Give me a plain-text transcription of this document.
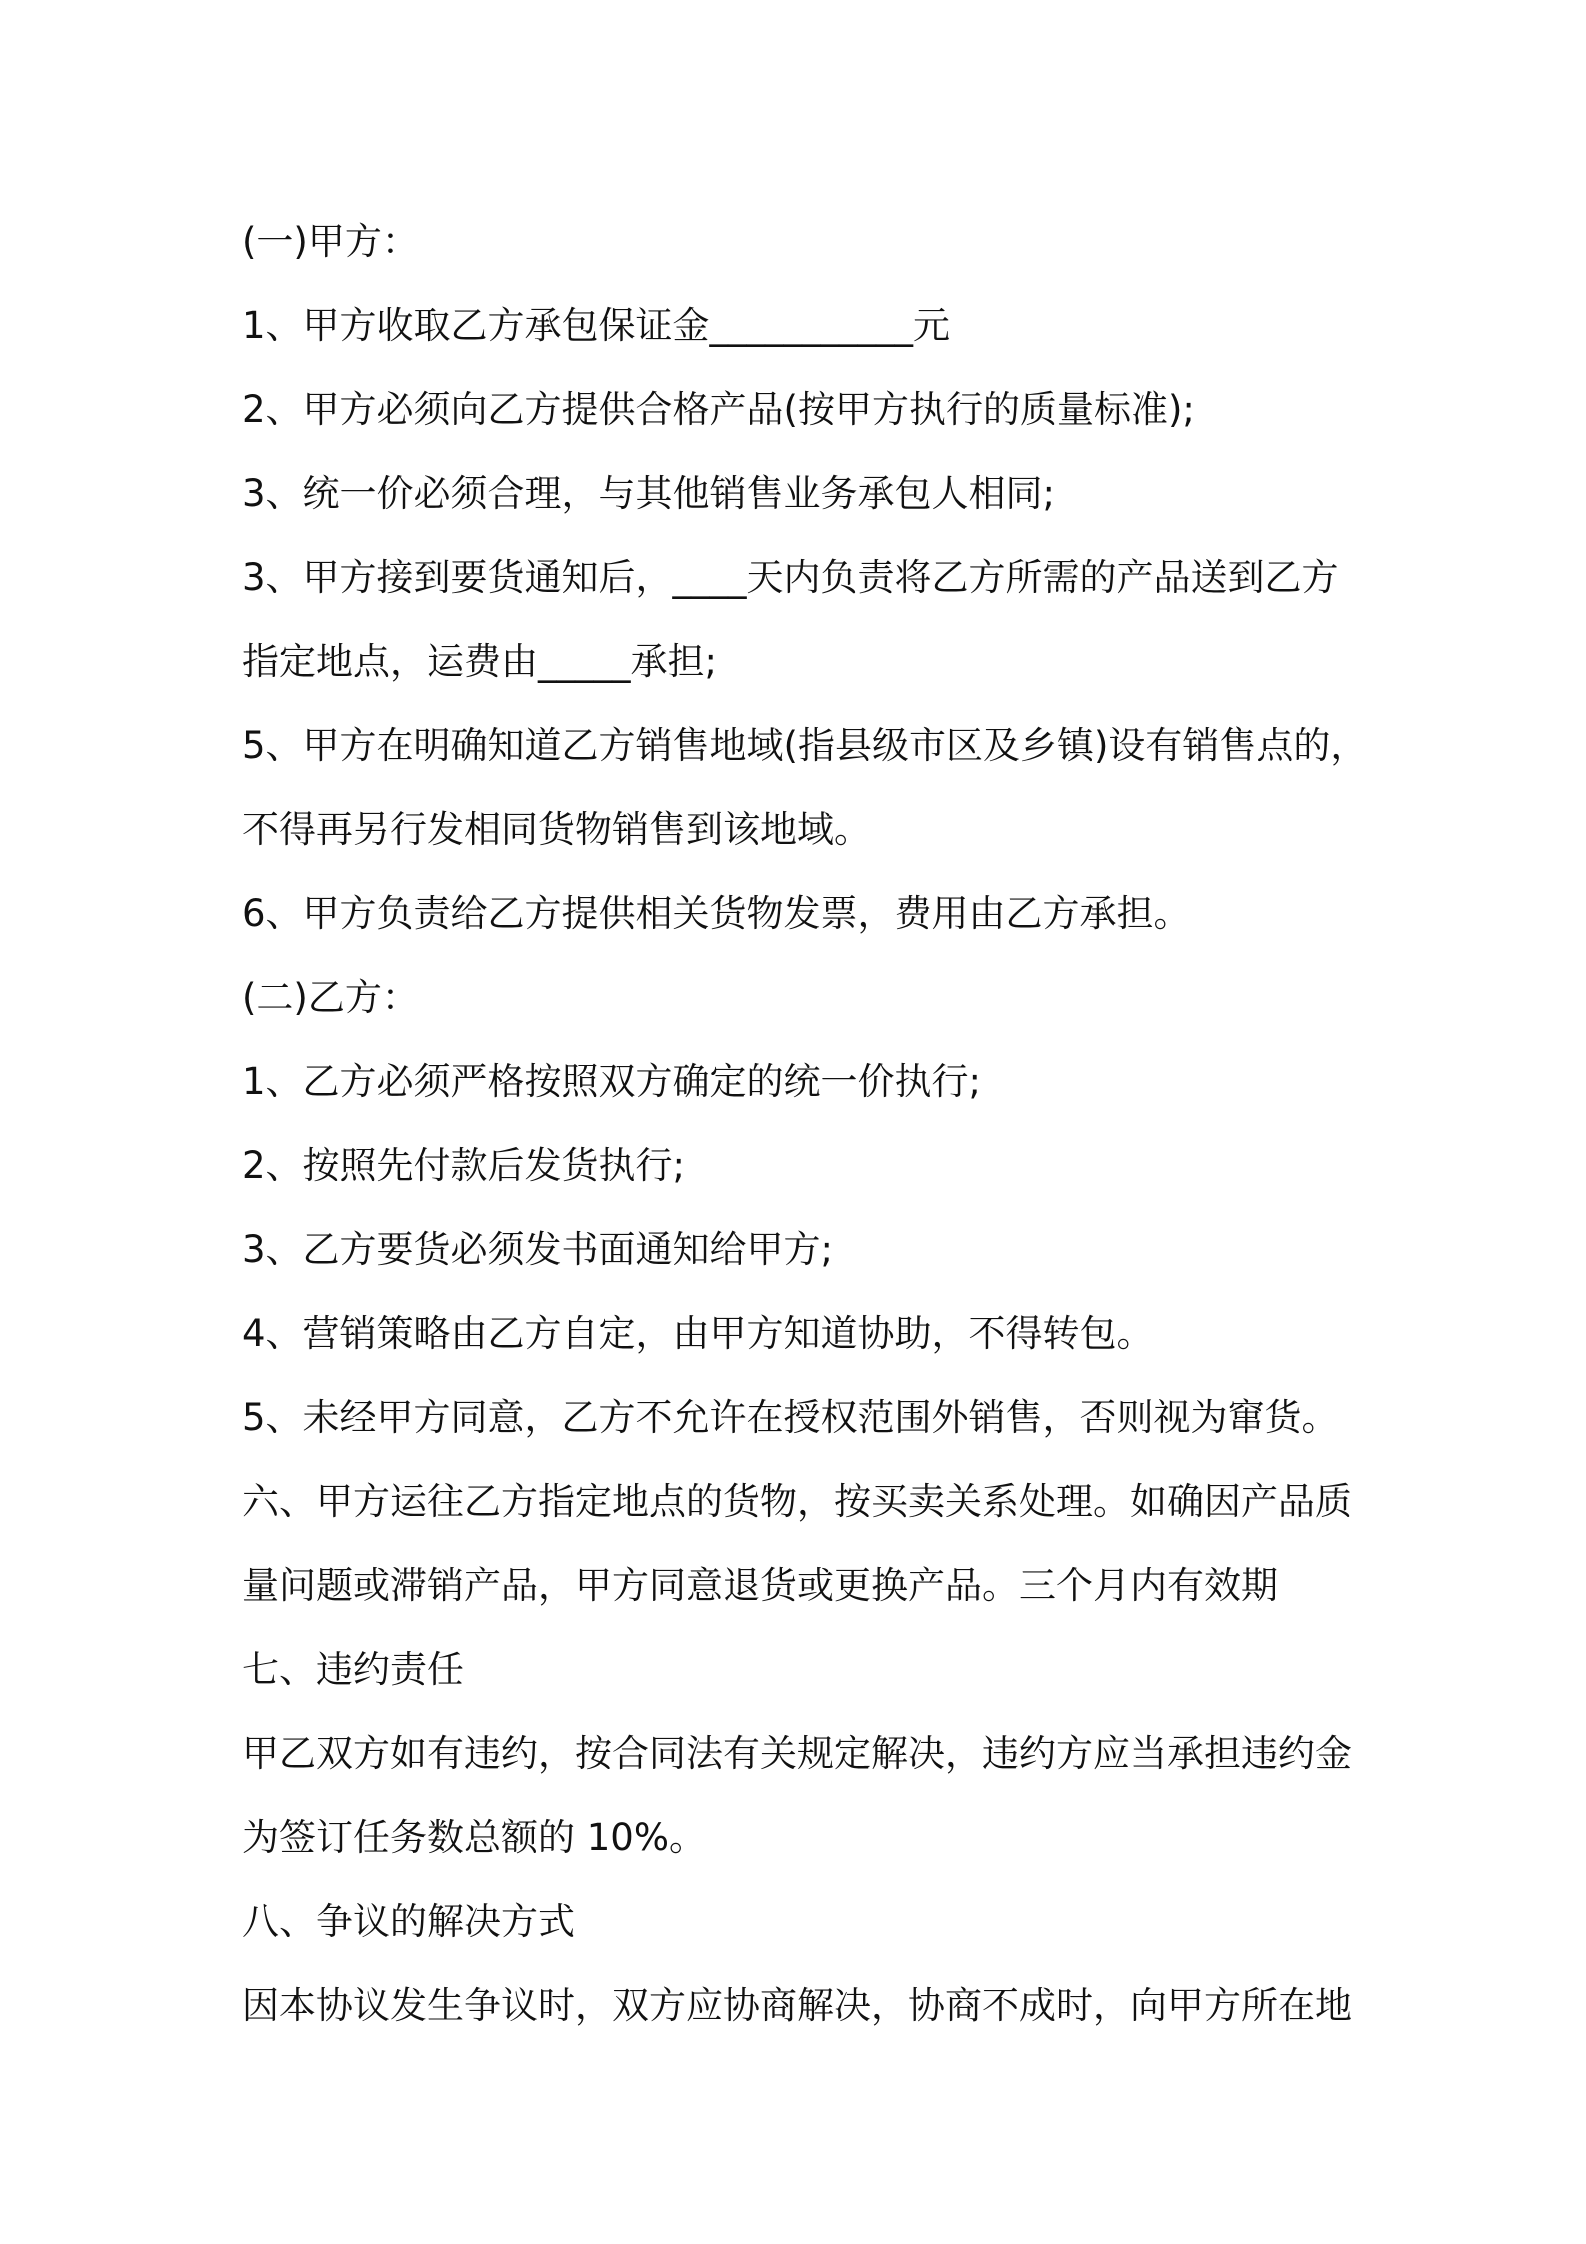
(一)甲方：

1、甲方收取乙方承包保证金___________元

2、甲方必须向乙方提供合格产品(按甲方执行的质量标准);

3、统一价必须合理，与其他销售业务承包人相同;

3、甲方接到要货通知后，____天内负责将乙方所需的产品送到乙方

指定地点，运费由_____承担;

5、甲方在明确知道乙方销售地域(指县级市区及乡镇)设有销售点的，

不得再另行发相同货物销售到该地域。

6、甲方负责给乙方提供相关货物发票，费用由乙方承担。

(二)乙方：

1、乙方必须严格按照双方确定的统一价执行;

2、按照先付款后发货执行;

3、乙方要货必须发书面通知给甲方;

4、营销策略由乙方自定，由甲方知道协助，不得转包。

5、未经甲方同意，乙方不允许在授权范围外销售，否则视为窜货。

六、甲方运往乙方指定地点的货物，按买卖关系处理。如确因产品质

量问题或滞销产品，甲方同意退货或更换产品。三个月内有效期

七、违约责任

甲乙双方如有违约，按合同法有关规定解决，违约方应当承担违约金

为签订任务数总额的 10%。

八、争议的解决方式

因本协议发生争议时，双方应协商解决，协商不成时，向甲方所在地
